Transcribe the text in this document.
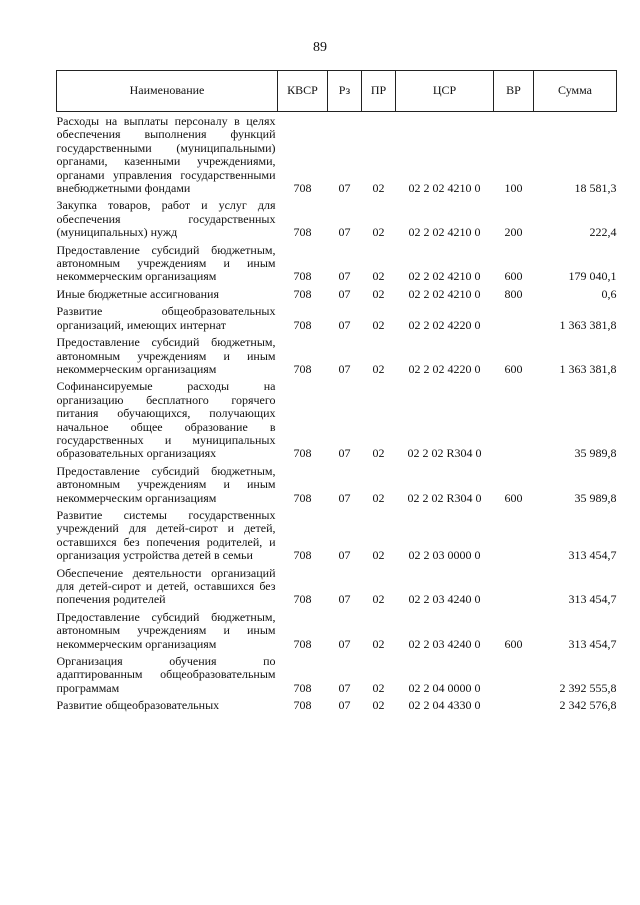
89
Наименование	КВСР	Рз	ПР	ЦСР	ВР	Сумма
Расходы на выплаты персоналу в целях обеспечения выполнения функций государственными (муниципальными) органами, казенными учреждениями, органами управления государственными внебюджетными фондами	708	07	02	02 2 02 4210 0	100	18 581,3
Закупка товаров, работ и услуг для обеспечения государственных (муниципальных) нужд	708	07	02	02 2 02 4210 0	200	222,4
Предоставление субсидий бюджетным, автономным учреждениям и иным некоммерческим организациям	708	07	02	02 2 02 4210 0	600	179 040,1
Иные бюджетные ассигнования	708	07	02	02 2 02 4210 0	800	0,6
Развитие общеобразовательных организаций, имеющих интернат	708	07	02	02 2 02 4220 0		1 363 381,8
Предоставление субсидий бюджетным, автономным учреждениям и иным некоммерческим организациям	708	07	02	02 2 02 4220 0	600	1 363 381,8
Софинансируемые расходы на организацию бесплатного горячего питания обучающихся, получающих начальное общее образование в государственных и муниципальных образовательных организациях	708	07	02	02 2 02 R304 0		35 989,8
Предоставление субсидий бюджетным, автономным учреждениям и иным некоммерческим организациям	708	07	02	02 2 02 R304 0	600	35 989,8
Развитие системы государственных учреждений для детей-сирот и детей, оставшихся без попечения родителей, и организация устройства детей в семьи	708	07	02	02 2 03 0000 0		313 454,7
Обеспечение деятельности организаций для детей-сирот и детей, оставшихся без попечения родителей	708	07	02	02 2 03 4240 0		313 454,7
Предоставление субсидий бюджетным, автономным учреждениям и иным некоммерческим организациям	708	07	02	02 2 03 4240 0	600	313 454,7
Организация обучения по адаптированным общеобразовательным программам	708	07	02	02 2 04 0000 0		2 392 555,8
Развитие общеобразовательных	708	07	02	02 2 04 4330 0		2 342 576,8
